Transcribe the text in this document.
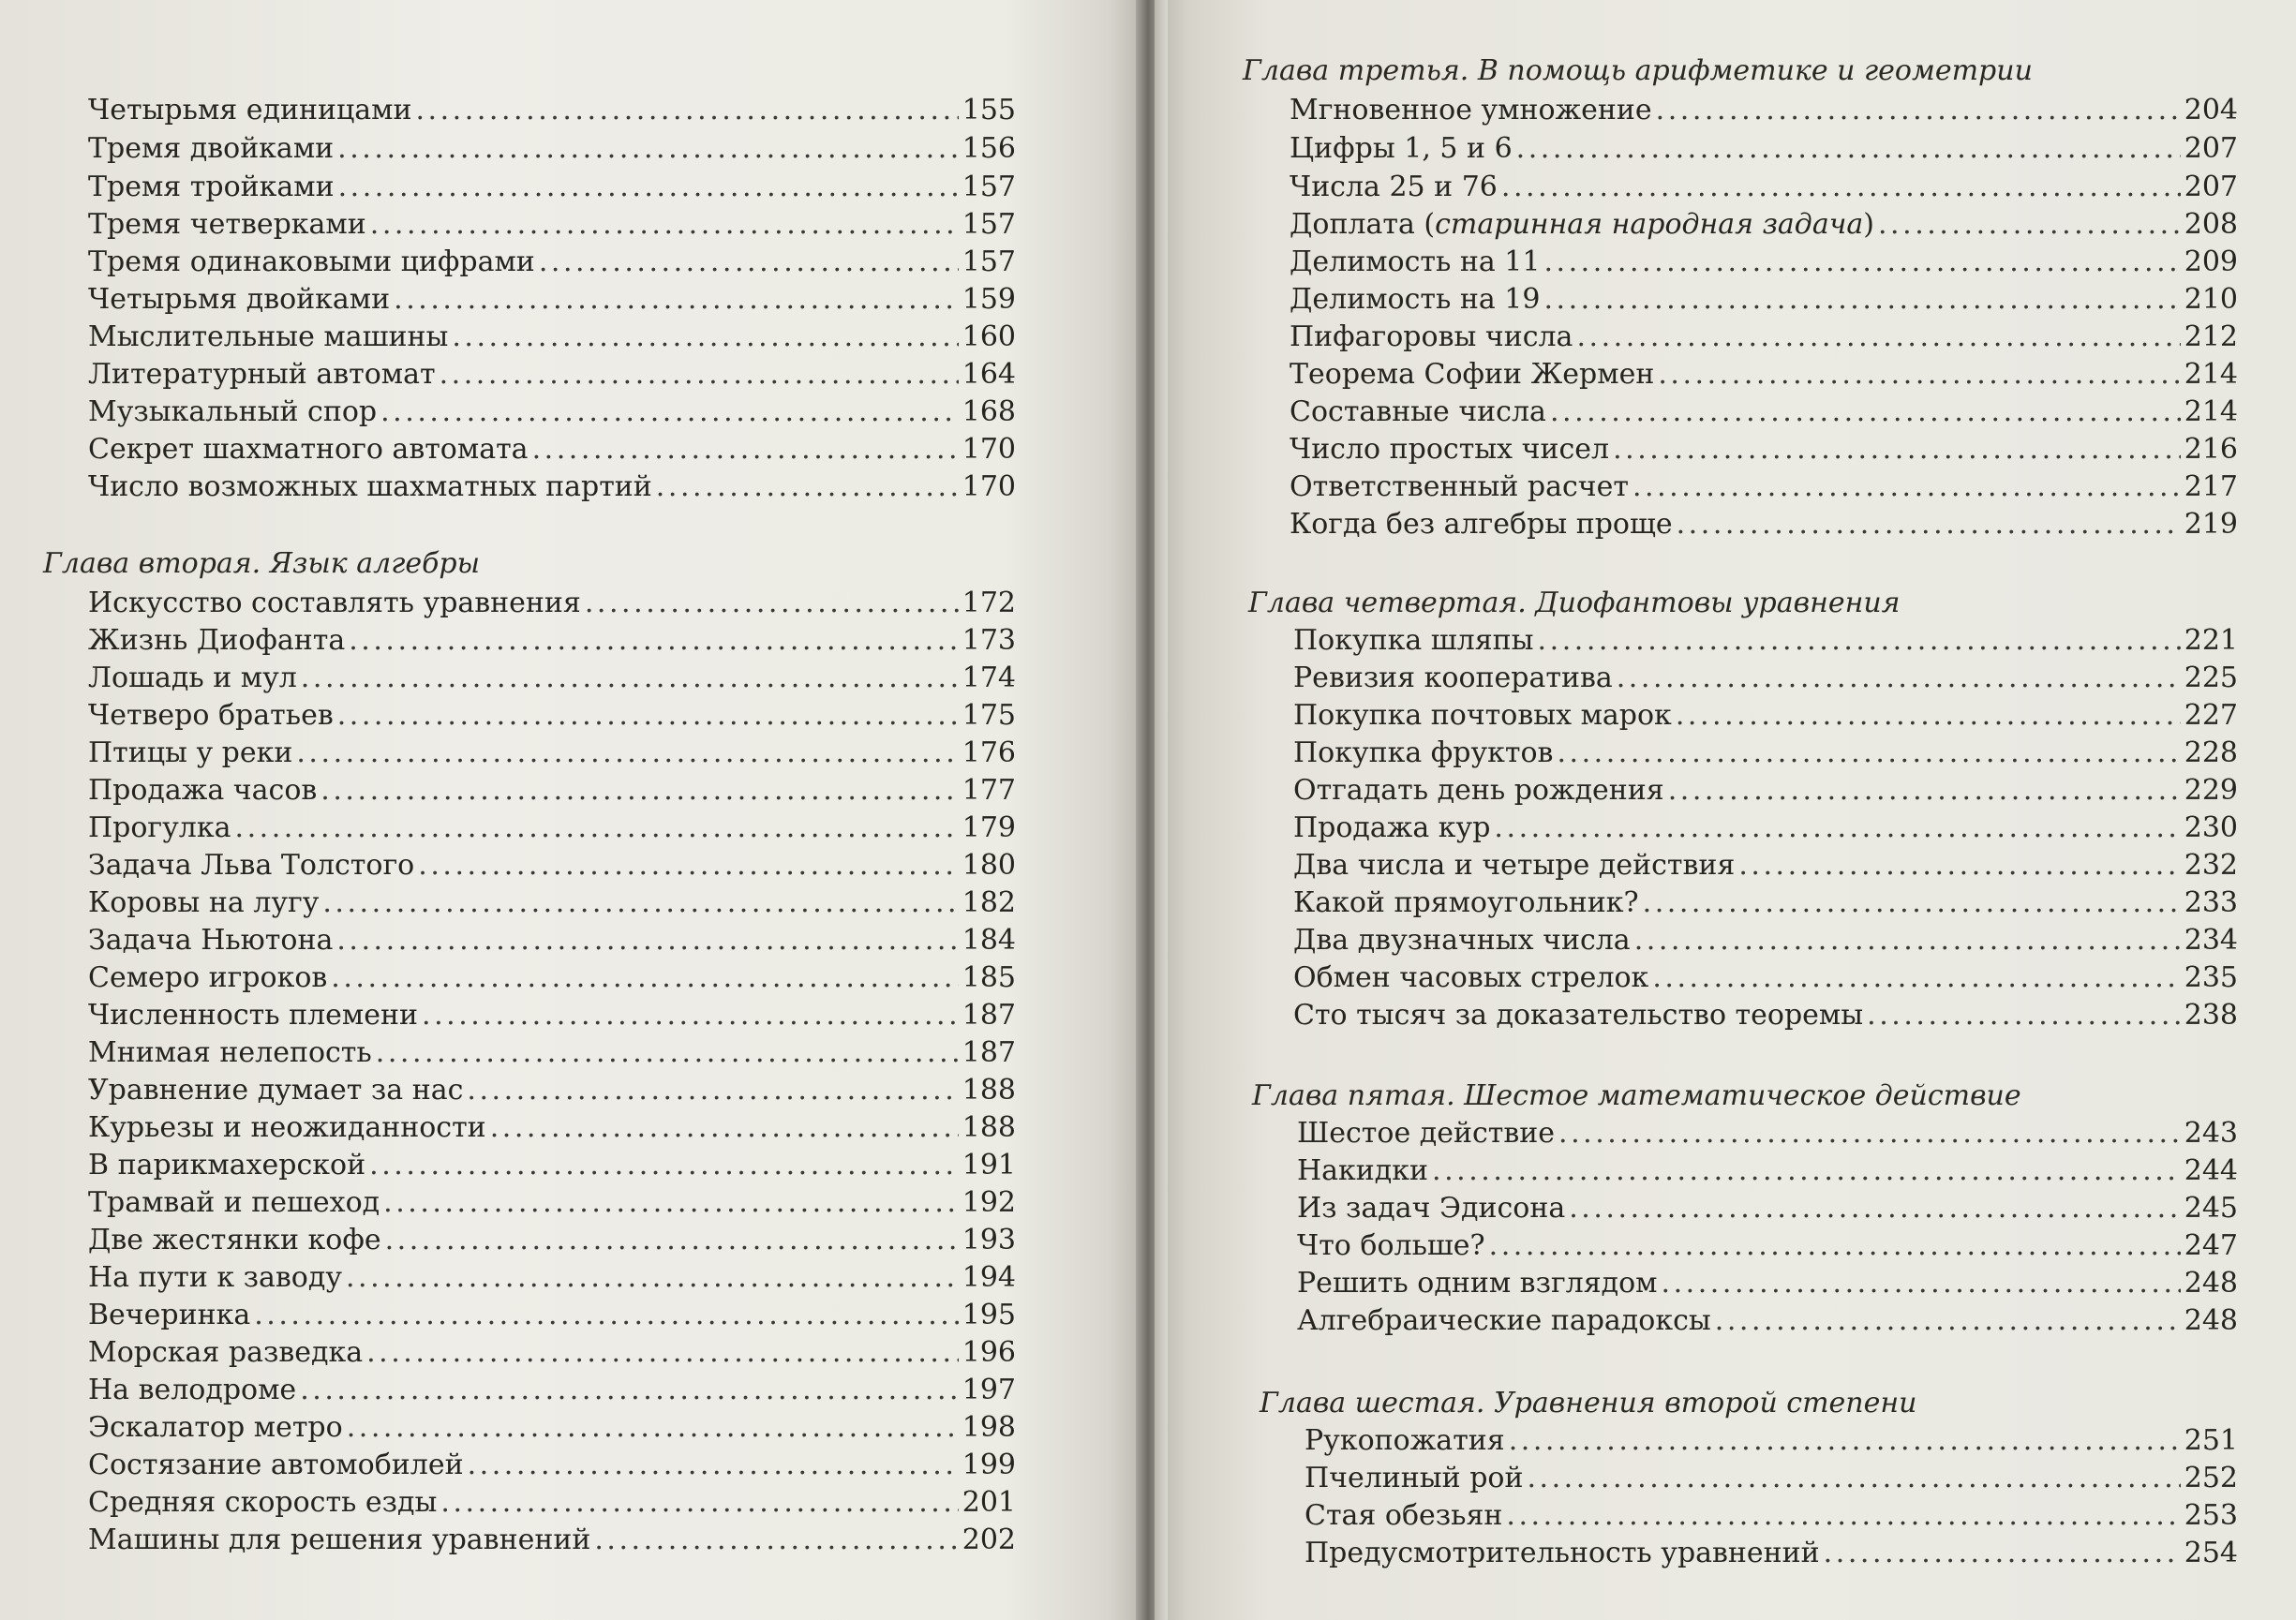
Четырьмя единицами . . .	155
Тремя двойками . . .	156
Тремя тройками . . .	157
Тремя четверками . . .	157
Тремя одинаковыми цифрами . . .	157
Четырьмя двойками . . .	159
Мыслительные машины . . .	160
Литературный автомат . . .	164
Музыкальный спор . . .	168
Секрет шахматного автомата . . .	170
Число возможных шахматных партий . . .	170
Глава вторая. Язык алгебры
Искусство составлять уравнения . . .	172
Жизнь Диофанта . . .	173
Лошадь и мул . . .	174
Четверо братьев . . .	175
Птицы у реки . . .	176
Продажа часов . . .	177
Прогулка . . .	179
Задача Льва Толстого . . .	180
Коровы на лугу . . .	182
Задача Ньютона . . .	184
Семеро игроков . . .	185
Численность племени . . .	187
Мнимая нелепость . . .	187
Уравнение думает за нас . . .	188
Курьезы и неожиданности . . .	188
В парикмахерской . . .	191
Трамвай и пешеход . . .	192
Две жестянки кофе . . .	193
На пути к заводу . . .	194
Вечеринка . . .	195
Морская разведка . . .	196
На велодроме . . .	197
Эскалатор метро . . .	198
Состязание автомобилей . . .	199
Средняя скорость езды . . .	201
Машины для решения уравнений . . .	202
Глава третья. В помощь арифметике и геометрии
Мгновенное умножение . . .	204
Цифры 1, 5 и 6 . . .	207
Числа 25 и 76 . . .	207
Доплата (старинная народная задача) . . .	208
Делимость на 11 . . .	209
Делимость на 19 . . .	210
Пифагоровы числа . . .	212
Теорема Софии Жермен . . .	214
Составные числа . . .	214
Число простых чисел . . .	216
Ответственный расчет . . .	217
Когда без алгебры проще . . .	219
Глава четвертая. Диофантовы уравнения
Покупка шляпы . . .	221
Ревизия кооператива . . .	225
Покупка почтовых марок . . .	227
Покупка фруктов . . .	228
Отгадать день рождения . . .	229
Продажа кур . . .	230
Два числа и четыре действия . . .	232
Какой прямоугольник? . . .	233
Два двузначных числа . . .	234
Обмен часовых стрелок . . .	235
Сто тысяч за доказательство теоремы . . .	238
Глава пятая. Шестое математическое действие
Шестое действие . . .	243
Накидки . . .	244
Из задач Эдисона . . .	245
Что больше? . . .	247
Решить одним взглядом . . .	248
Алгебраические парадоксы . . .	248
Глава шестая. Уравнения второй степени
Рукопожатия . . .	251
Пчелиный рой . . .	252
Стая обезьян . . .	253
Предусмотрительность уравнений . . .	254
